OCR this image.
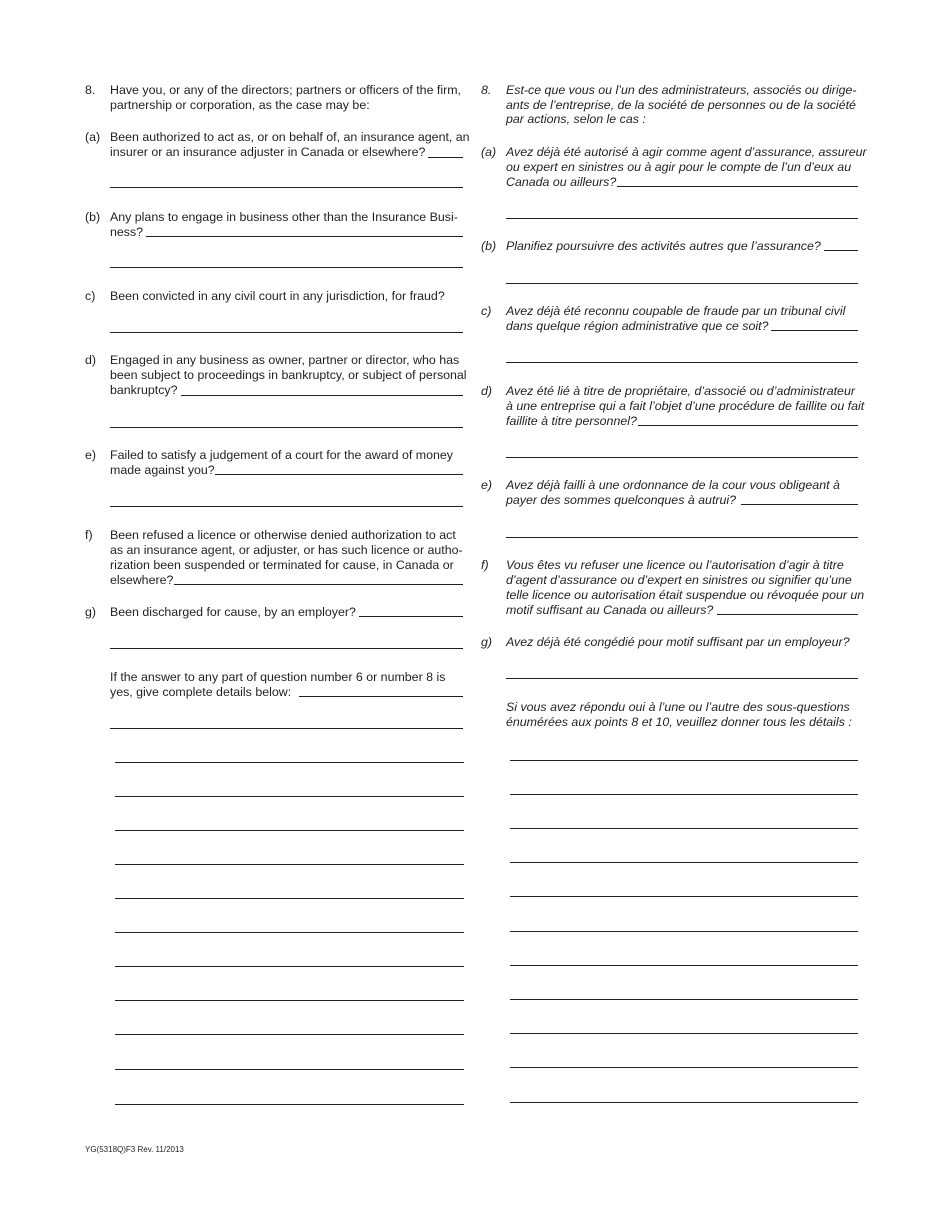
8. Have you, or any of the directors; partners or officers of the firm,
partnership or corporation, as the case may be:
(a) Been authorized to act as, or on behalf of, an insurance agent, an
insurer or an insurance adjuster in Canada or elsewhere?
(b) Any plans to engage in business other than the Insurance Busi-
ness?
c) Been convicted in any civil court in any jurisdiction, for fraud?
d) Engaged in any business as owner, partner or director, who has
been subject to proceedings in bankruptcy, or subject of personal
bankruptcy?
e) Failed to satisfy a judgement of a court for the award of money
made against you?
f) Been refused a licence or otherwise denied authorization to act
as an insurance agent, or adjuster, or has such licence or autho-
rization been suspended or terminated for cause, in Canada or
elsewhere?
g) Been discharged for cause, by an employer?
If the answer to any part of question number 6 or number 8 is
yes, give complete details below:
8. Est-ce que vous ou l’un des administrateurs, associés ou dirige-
ants de l’entreprise, de la société de personnes ou de la société
par actions, selon le cas :
(a) Avez déjà été autorisé à agir comme agent d’assurance, assureur
ou expert en sinistres ou à agir pour le compte de l’un d’eux au
Canada ou ailleurs?
(b) Planifiez poursuivre des activités autres que l’assurance?
c) Avez déjà été reconnu coupable de fraude par un tribunal civil
dans quelque région administrative que ce soit?
d) Avez été lié à titre de propriétaire, d’associé ou d’administrateur
à une entreprise qui a fait l’objet d’une procédure de faillite ou fait
faillite à titre personnel?
e) Avez déjà failli à une ordonnance de la cour vous obligeant à
payer des sommes quelconques à autrui?
f) Vous êtes vu refuser une licence ou l’autorisation d’agir à titre
d’agent d’assurance ou d’expert en sinistres ou signifier qu’une
telle licence ou autorisation était suspendue ou révoquée pour un
motif suffisant au Canada ou ailleurs?
g) Avez déjà été congédié pour motif suffisant par un employeur?
Si vous avez répondu oui à l’une ou l’autre des sous-questions
énumérées aux points 8 et 10, veuillez donner tous les détails :
YG(5318Q)F3 Rev. 11/2013
